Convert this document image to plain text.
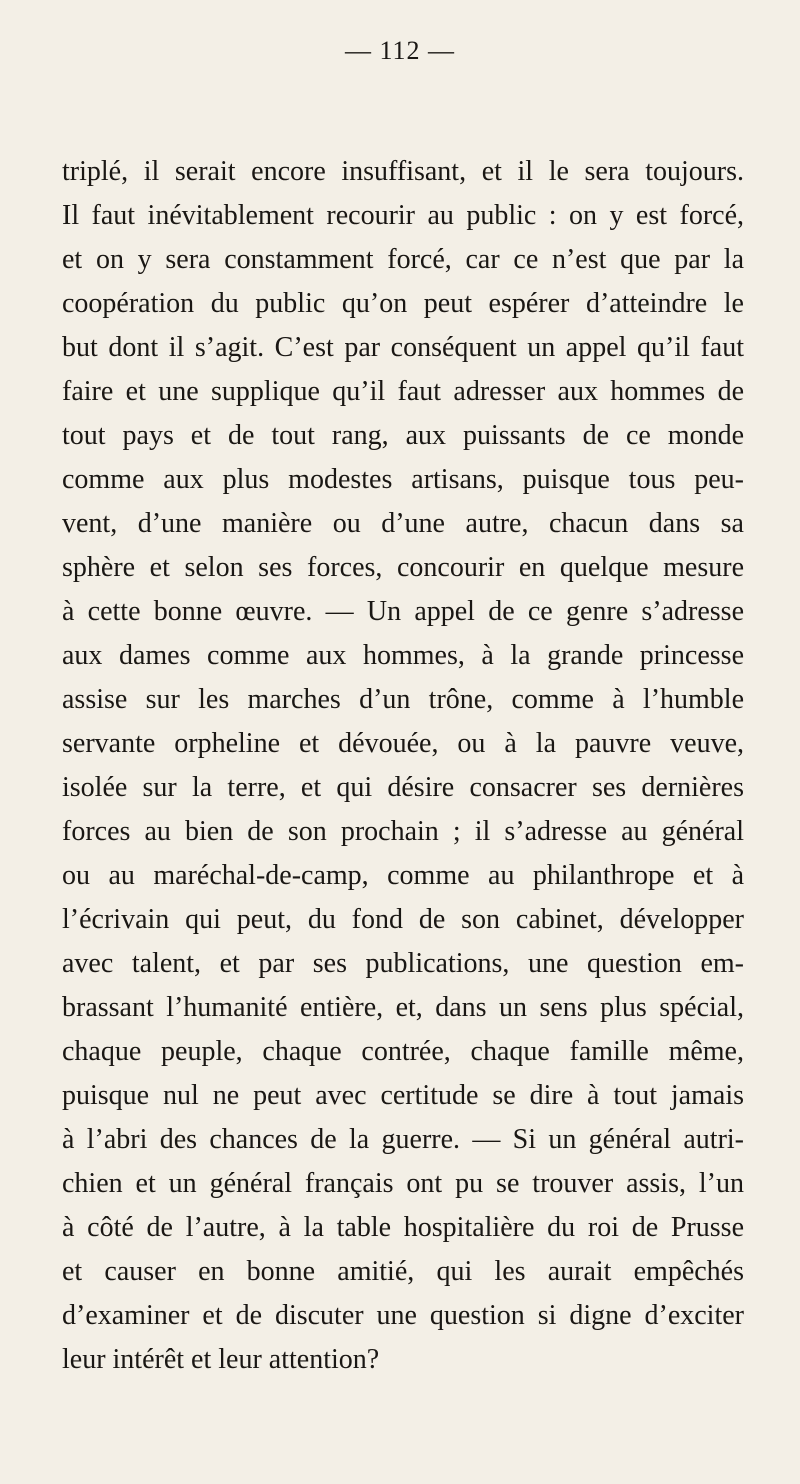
— 112 —
triplé, il serait encore insuffisant, et il le sera toujours.
Il faut inévitablement recourir au public : on y est forcé,
et on y sera constamment forcé, car ce n’est que par la
coopération du public qu’on peut espérer d’atteindre le
but dont il s’agit. C’est par conséquent un appel qu’il faut
faire et une supplique qu’il faut adresser aux hommes de
tout pays et de tout rang, aux puissants de ce monde
comme aux plus modestes artisans, puisque tous peu-
vent, d’une manière ou d’une autre, chacun dans sa
sphère et selon ses forces, concourir en quelque mesure
à cette bonne œuvre. — Un appel de ce genre s’adresse
aux dames comme aux hommes, à la grande princesse
assise sur les marches d’un trône, comme à l’humble
servante orpheline et dévouée, ou à la pauvre veuve,
isolée sur la terre, et qui désire consacrer ses dernières
forces au bien de son prochain ; il s’adresse au général
ou au maréchal-de-camp, comme au philanthrope et à
l’écrivain qui peut, du fond de son cabinet, développer
avec talent, et par ses publications, une question em-
brassant l’humanité entière, et, dans un sens plus spécial,
chaque peuple, chaque contrée, chaque famille même,
puisque nul ne peut avec certitude se dire à tout jamais
à l’abri des chances de la guerre. — Si un général autri-
chien et un général français ont pu se trouver assis, l’un
à côté de l’autre, à la table hospitalière du roi de Prusse
et causer en bonne amitié, qui les aurait empêchés
d’examiner et de discuter une question si digne d’exciter
leur intérêt et leur attention?
